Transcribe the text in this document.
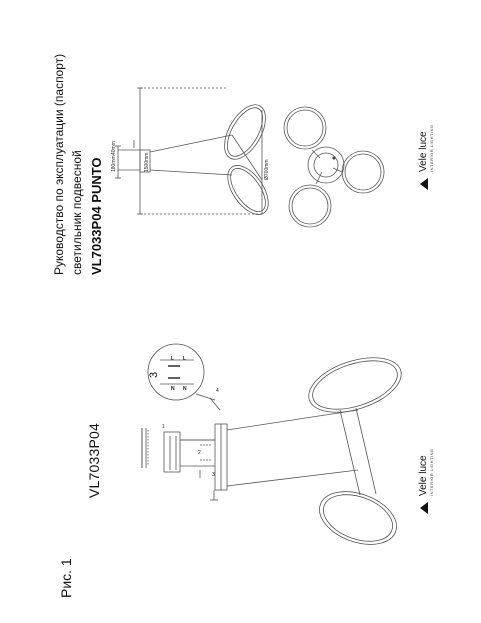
Рис. 1
VL7033P04
3
L
N
L
N
1
2
3
4
Руководство по эксплуатации (паспорт) светильник подвесной VL7033P04 PUNTO	1500mm
180mm
40mm
Ø700mm	Vele luce INTERIOR LIGHTING
Vele luce INTERIOR LIGHTING
